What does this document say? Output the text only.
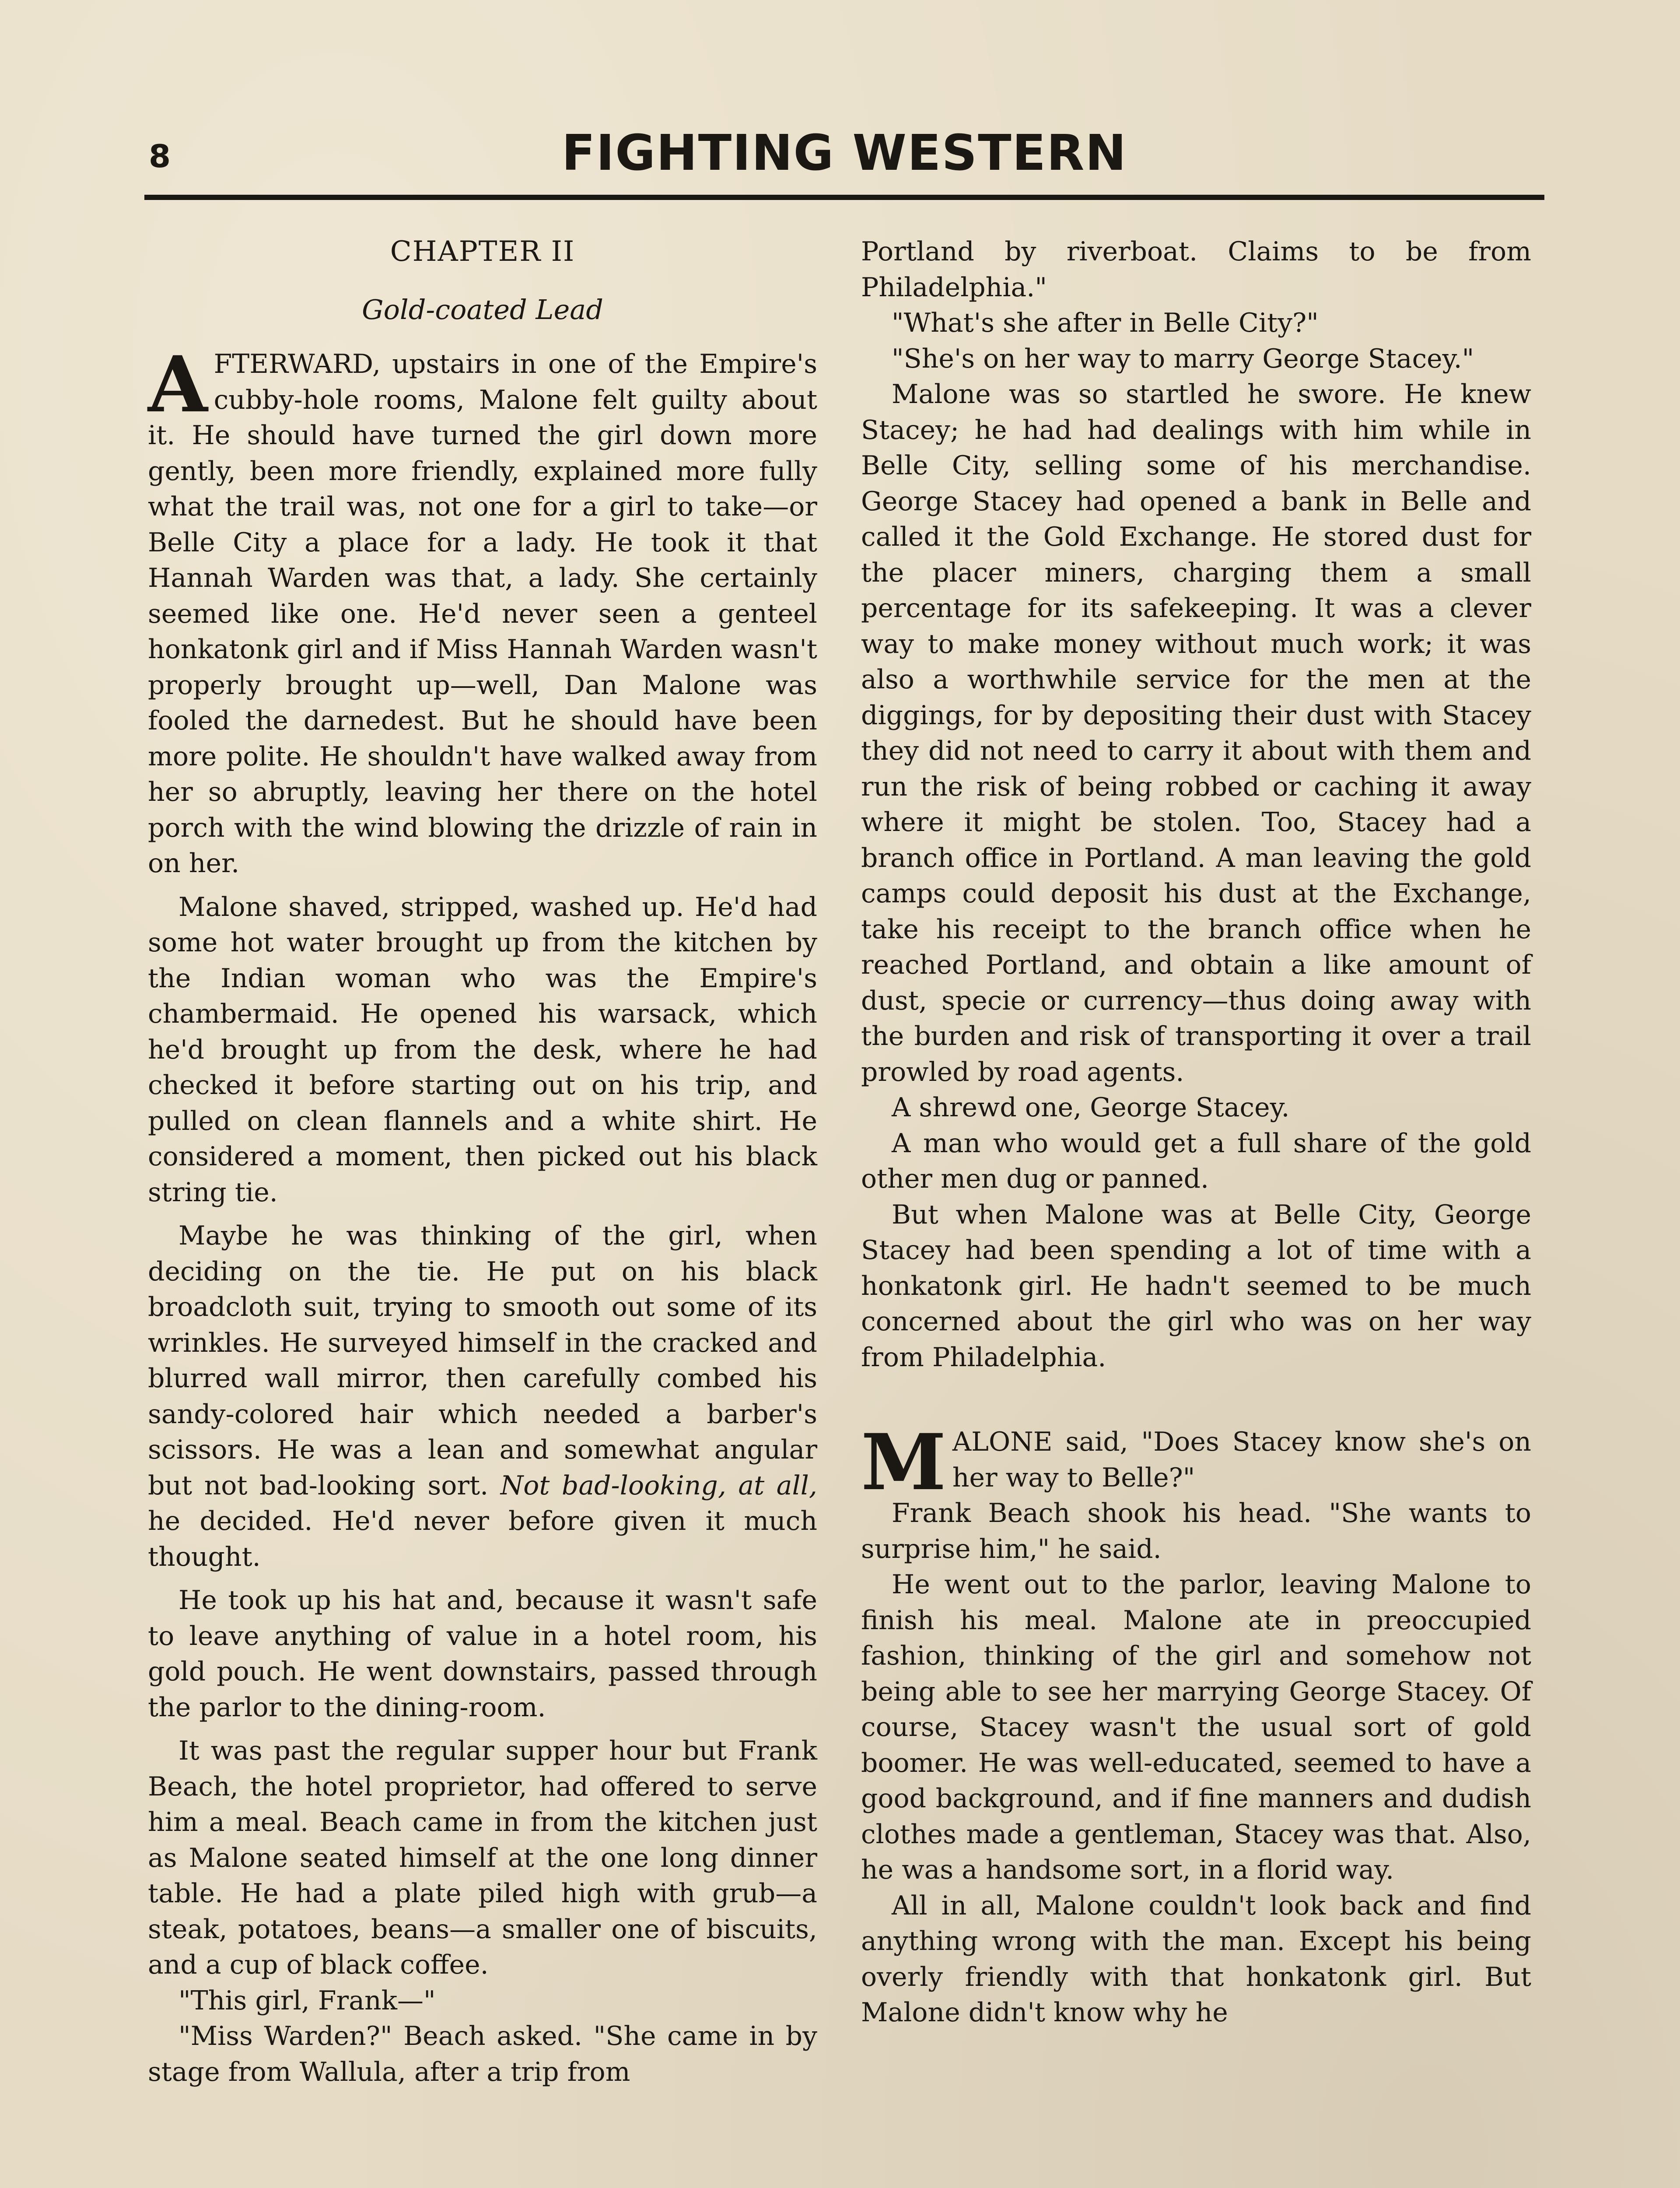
8	FIGHTING WESTERN
CHAPTER II
Gold-coated Lead

AFTERWARD, upstairs in one of the Empire's cubby-hole rooms, Malone felt guilty about it. He should have turned the girl down more gently, been more friendly, explained more fully what the trail was, not one for a girl to take—or Belle City a place for a lady. He took it that Hannah Warden was that, a lady. She certainly seemed like one. He'd never seen a genteel honkatonk girl and if Miss Hannah Warden wasn't properly brought up—well, Dan Malone was fooled the darnedest. But he should have been more polite. He shouldn't have walked away from her so abruptly, leaving her there on the hotel porch with the wind blowing the drizzle of rain in on her.

Malone shaved, stripped, washed up. He'd had some hot water brought up from the kitchen by the Indian woman who was the Empire's chambermaid. He opened his warsack, which he'd brought up from the desk, where he had checked it before starting out on his trip, and pulled on clean flannels and a white shirt. He considered a moment, then picked out his black string tie.

Maybe he was thinking of the girl, when deciding on the tie. He put on his black broadcloth suit, trying to smooth out some of its wrinkles. He surveyed himself in the cracked and blurred wall mirror, then carefully combed his sandy-colored hair which needed a barber's scissors. He was a lean and somewhat angular but not bad-looking sort. Not bad-looking, at all, he decided. He'd never before given it much thought.

He took up his hat and, because it wasn't safe to leave anything of value in a hotel room, his gold pouch. He went downstairs, passed through the parlor to the dining-room.

It was past the regular supper hour but Frank Beach, the hotel proprietor, had offered to serve him a meal. Beach came in from the kitchen just as Malone seated himself at the one long dinner table. He had a plate piled high with grub—a steak, potatoes, beans—a smaller one of biscuits, and a cup of black coffee.

"This girl, Frank—"

"Miss Warden?" Beach asked. "She came in by stage from Wallula, after a trip from

Portland by riverboat. Claims to be from Philadelphia."

"What's she after in Belle City?"

"She's on her way to marry George Stacey."

Malone was so startled he swore. He knew Stacey; he had had dealings with him while in Belle City, selling some of his merchandise. George Stacey had opened a bank in Belle and called it the Gold Exchange. He stored dust for the placer miners, charging them a small percentage for its safekeeping. It was a clever way to make money without much work; it was also a worthwhile service for the men at the diggings, for by depositing their dust with Stacey they did not need to carry it about with them and run the risk of being robbed or caching it away where it might be stolen. Too, Stacey had a branch office in Portland. A man leaving the gold camps could deposit his dust at the Exchange, take his receipt to the branch office when he reached Portland, and obtain a like amount of dust, specie or currency—thus doing away with the burden and risk of transporting it over a trail prowled by road agents.

A shrewd one, George Stacey.

A man who would get a full share of the gold other men dug or panned.

But when Malone was at Belle City, George Stacey had been spending a lot of time with a honkatonk girl. He hadn't seemed to be much concerned about the girl who was on her way from Philadelphia.

MALONE said, "Does Stacey know she's on her way to Belle?"

Frank Beach shook his head. "She wants to surprise him," he said.

He went out to the parlor, leaving Malone to finish his meal. Malone ate in preoccupied fashion, thinking of the girl and somehow not being able to see her marrying George Stacey. Of course, Stacey wasn't the usual sort of gold boomer. He was well-educated, seemed to have a good background, and if fine manners and dudish clothes made a gentleman, Stacey was that. Also, he was a handsome sort, in a florid way.

All in all, Malone couldn't look back and find anything wrong with the man. Except his being overly friendly with that honkatonk girl. But Malone didn't know why he
